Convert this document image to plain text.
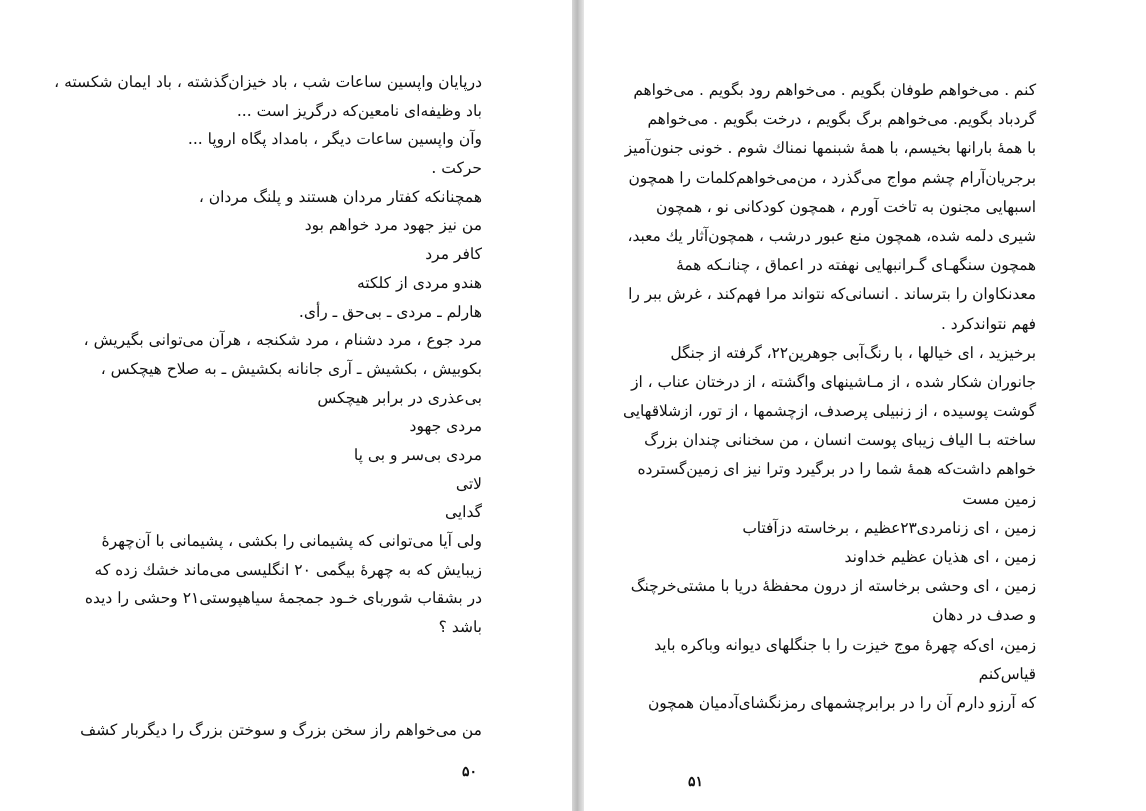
درپایان واپسین ساعات شب ، باد خیزان‌گذشته ، باد ایمان شکسته ،
باد وظیفه‌ای نامعین‌که درگریز است ...
وآن واپسین ساعات دیگر ، بامداد پگاه اروپا ...
حرکت .
همچنانکه کفتار مردان هستند و پلنگ مردان ،
من نیز جهود مرد خواهم بود
کافر مرد
هندو مردی از کلکته
هارلم ـ مردی ـ بی‌حق ـ رأی.
مرد جوع ، مرد دشنام ، مرد شکنجه ، هرآن می‌توانی بگیریش ،
بکوبیش ، بکشیش ـ آری جانانه بکشیش ـ به صلاح هیچکس ،
بی‌عذری در برابر هیچکس
مردی جهود
مردی بی‌سر و بی پا
لاتی
گدایی
ولی آیا می‌توانی که پشیمانی را بکشی ، پشیمانی با آن‌چهرهٔ
زیبایش که به چهرهٔ بیگمی ۲۰ انگلیسی می‌ماند خشك زده که
در بشقاب شوربای خـود جمجمهٔ سیاهپوستی۲۱ وحشی را دیده
باشد ؟
من می‌خواهم راز سخن بزرگ و سوختن بزرگ را دیگربار کشف
۵۰
کنم . می‌خواهم طوفان بگویم . می‌خواهم رود بگویم . می‌خواهم
گردباد بگویم. می‌خواهم برگ بگویم ، درخت بگویم . می‌خواهم
با همهٔ بارانها بخیسم، با همهٔ شبنمها نمناك شوم . خونی جنون‌آمیز
برجریان‌آرام چشم مواج می‌گذرد ، من‌می‌خواهم‌کلمات را همچون
اسبهایی مجنون به تاخت آورم ، همچون کودکانی نو ، همچون
شیری دلمه شده، همچون منع عبور درشب ، همچون‌آثار یك معبد،
همچون سنگهـای گـرانبهایی نهفته در اعماق ، چنانـکه همهٔ
معدنکاوان را بترساند . انسانی‌که نتواند مرا فهم‌کند ، غرش ببر را
فهم نتواندکرد .
برخیزید ، ای خیالها ، با رنگ‌آبی جوهرین۲۲، گرفته از جنگل
جانوران شکار شده ، از مـاشینهای واگشته ، از درختان عناب ، از
گوشت پوسیده ، از زنبیلی پرصدف، ازچشمها ، از تور، ازشلاقهایی
ساخته بـا الیاف زیبای پوست انسان ، من سخنانی چندان بزرگ
خواهم داشت‌که همهٔ شما را در برگیرد وترا نیز ای زمین‌گسترده
زمین مست
زمین ، ای زنامردی۲۳عظیم ، برخاسته دزآفتاب
زمین ، ای هذیان عظیم خداوند
زمین ، ای وحشی برخاسته از درون محفظهٔ دریا با مشتی‌خرچنگ
و صدف در دهان
زمین، ای‌که چهرهٔ موج خیزت را با جنگلهای دیوانه وباکره باید
قیاس‌کنم
که آرزو دارم آن را در برابرچشمهای رمزنگشای‌آدمیان همچون
۵۱
